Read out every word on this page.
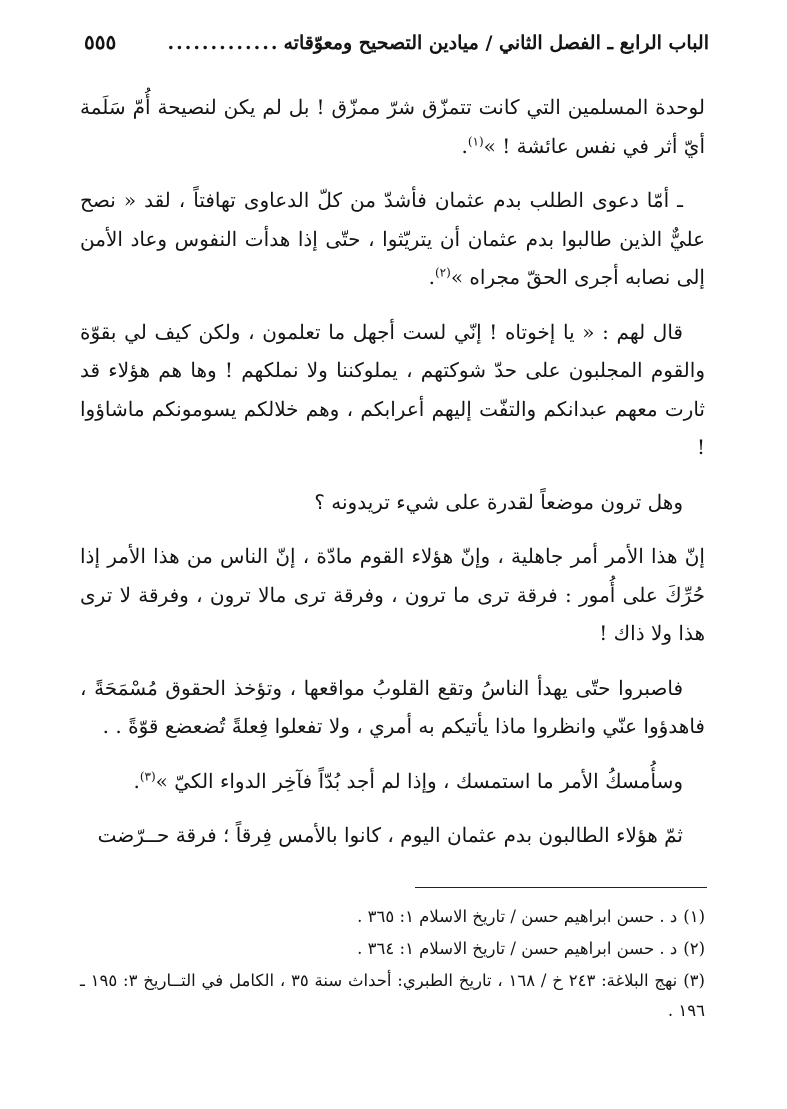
الباب الرابع ـ الفصل الثاني / ميادين التصحيح ومعوّقاته
.............
٥٥٥

لوحدة المسلمين التي كانت تتمزّق شرّ ممزّق ! بل لم يكن لنصيحة أُمّ سَلَمة أيّ أثر في نفس عائشة ! »$^{(١)}$.

ـ أمّا دعوى الطلب بدم عثمان فأشدّ من كلّ الدعاوى تهافتاً ، لقد « نصح عليٌّ الذين طالبوا بدم عثمان أن يتريّثوا ، حتّى إذا هدأت النفوس وعاد الأمن إلى نصابه أجرى الحقّ مجراه »$^{(٢)}$.

قال لهم : « يا إخوتاه ! إنّي لست أجهل ما تعلمون ، ولكن كيف لي بقوّة والقوم المجلبون على حدّ شوكتهم ، يملوكننا ولا نملكهم ! وها هم هؤلاء قد ثارت معهم عبدانكم والتفّت إليهم أعرابكم ، وهم خلالكم يسومونكم ماشاؤوا !

وهل ترون موضعاً لقدرة على شيء تريدونه ؟

إنّ هذا الأمر أمر جاهلية ، وإنّ هؤلاء القوم مادّة ، إنّ الناس من هذا الأمر إذا حُرِّكَ على أُمور : فرقة ترى ما ترون ، وفرقة ترى مالا ترون ، وفرقة لا ترى هذا ولا ذاك !

فاصبروا حتّى يهدأ الناسُ وتقع القلوبُ مواقعها ، وتؤخذ الحقوق مُسْمَحَةً ، فاهدؤوا عنّي وانظروا ماذا يأتيكم به أمري ، ولا تفعلوا فِعلةً تُضعضع قوّةً . .

وسأُمسكُ الأمر ما استمسك ، وإذا لم أجد بُدّاً فآخِر الدواء الكيّ »$^{(٣)}$.

ثمّ هؤلاء الطالبون بدم عثمان اليوم ، كانوا بالأمس فِرقاً ؛ فرقة حــرّضت

(١)د . حسن ابراهيم حسن / تاريخ الاسلام ١: ٣٦٥ .

(٢)د . حسن ابراهيم حسن / تاريخ الاسلام ١: ٣٦٤ .

(٣)نهج البلاغة: ٢٤٣ خ / ١٦٨ ، تاريخ الطبري: أحداث سنة ٣٥ ، الكامل في التــاريخ ٣: ١٩٥ ـ ١٩٦ .
